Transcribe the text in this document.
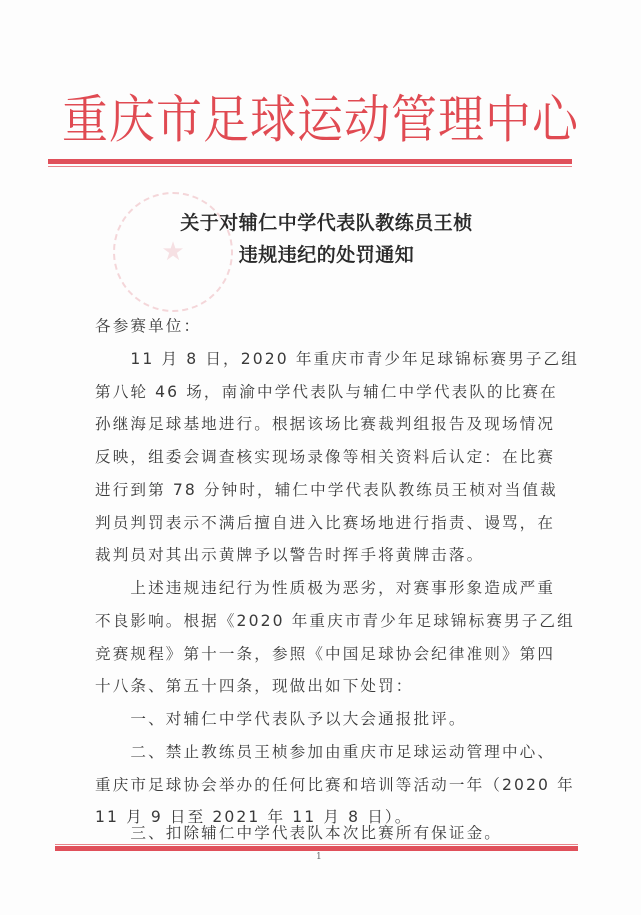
重庆市足球运动管理中心
★
关于对辅仁中学代表队教练员王桢
违规违纪的处罚通知
各参赛单位：
　　11 月 8 日，2020 年重庆市青少年足球锦标赛男子乙组
第八轮 46 场，南渝中学代表队与辅仁中学代表队的比赛在
孙继海足球基地进行。根据该场比赛裁判组报告及现场情况
反映，组委会调查核实现场录像等相关资料后认定：在比赛
进行到第 78 分钟时，辅仁中学代表队教练员王桢对当值裁
判员判罚表示不满后擅自进入比赛场地进行指责、谩骂，在
裁判员对其出示黄牌予以警告时挥手将黄牌击落。
　　上述违规违纪行为性质极为恶劣，对赛事形象造成严重
不良影响。根据《2020 年重庆市青少年足球锦标赛男子乙组
竞赛规程》第十一条，参照《中国足球协会纪律准则》第四
十八条、第五十四条，现做出如下处罚：
　　一、对辅仁中学代表队予以大会通报批评。
　　二、禁止教练员王桢参加由重庆市足球运动管理中心、
重庆市足球协会举办的任何比赛和培训等活动一年（2020 年
11 月 9 日至 2021 年 11 月 8 日）。
　　三、扣除辅仁中学代表队本次比赛所有保证金。
1
